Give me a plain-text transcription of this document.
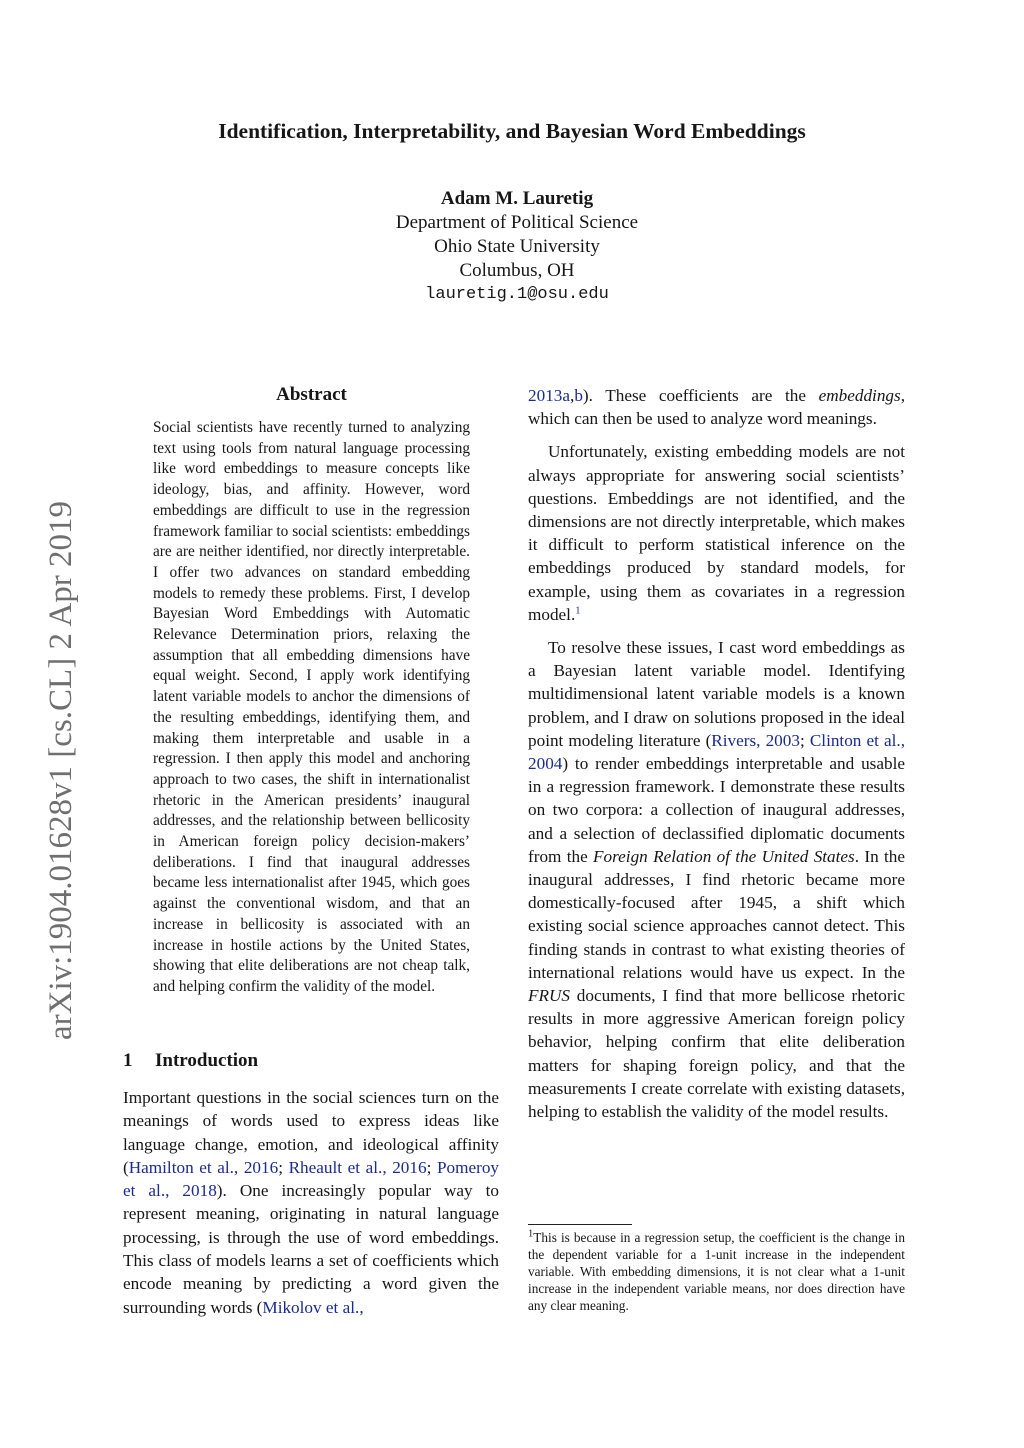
Identification, Interpretability, and Bayesian Word Embeddings
Adam M. Lauretig
Department of Political Science
Ohio State University
Columbus, OH
lauretig.1@osu.edu
arXiv:1904.01628v1 [cs.CL] 2 Apr 2019
Abstract
Social scientists have recently turned to analyzing text using tools from natural language processing like word embeddings to measure concepts like ideology, bias, and affinity. However, word embeddings are difficult to use in the regression framework familiar to social scientists: embeddings are are neither identified, nor directly interpretable. I offer two advances on standard embedding models to remedy these problems. First, I develop Bayesian Word Embeddings with Automatic Relevance Determination priors, relaxing the assumption that all embedding dimensions have equal weight. Second, I apply work identifying latent variable models to anchor the dimensions of the resulting embeddings, identifying them, and making them interpretable and usable in a regression. I then apply this model and anchoring approach to two cases, the shift in internationalist rhetoric in the American presidents’ inaugural addresses, and the relationship between bellicosity in American foreign policy decision-makers’ deliberations. I find that inaugural addresses became less internationalist after 1945, which goes against the conventional wisdom, and that an increase in bellicosity is associated with an increase in hostile actions by the United States, showing that elite deliberations are not cheap talk, and helping confirm the validity of the model.
1 Introduction
Important questions in the social sciences turn on the meanings of words used to express ideas like language change, emotion, and ideological affinity (Hamilton et al., 2016; Rheault et al., 2016; Pomeroy et al., 2018). One increasingly popular way to represent meaning, originating in natural language processing, is through the use of word embeddings. This class of models learns a set of coefficients which encode meaning by predicting a word given the surrounding words (Mikolov et al.,

2013a,b). These coefficients are the embeddings, which can then be used to analyze word meanings.

Unfortunately, existing embedding models are not always appropriate for answering social scientists’ questions. Embeddings are not identified, and the dimensions are not directly interpretable, which makes it difficult to perform statistical inference on the embeddings produced by standard models, for example, using them as covariates in a regression model.$^1$

To resolve these issues, I cast word embeddings as a Bayesian latent variable model. Identifying multidimensional latent variable models is a known problem, and I draw on solutions proposed in the ideal point modeling literature (Rivers, 2003; Clinton et al., 2004) to render embeddings interpretable and usable in a regression framework. I demonstrate these results on two corpora: a collection of inaugural addresses, and a selection of declassified diplomatic documents from the Foreign Relation of the United States. In the inaugural addresses, I find rhetoric became more domestically-focused after 1945, a shift which existing social science approaches cannot detect. This finding stands in contrast to what existing theories of international relations would have us expect. In the FRUS documents, I find that more bellicose rhetoric results in more aggressive American foreign policy behavior, helping confirm that elite deliberation matters for shaping foreign policy, and that the measurements I create correlate with existing datasets, helping to establish the validity of the model results.

$^1$This is because in a regression setup, the coefficient is the change in the dependent variable for a 1-unit increase in the independent variable. With embedding dimensions, it is not clear what a 1-unit increase in the independent variable means, nor does direction have any clear meaning.
